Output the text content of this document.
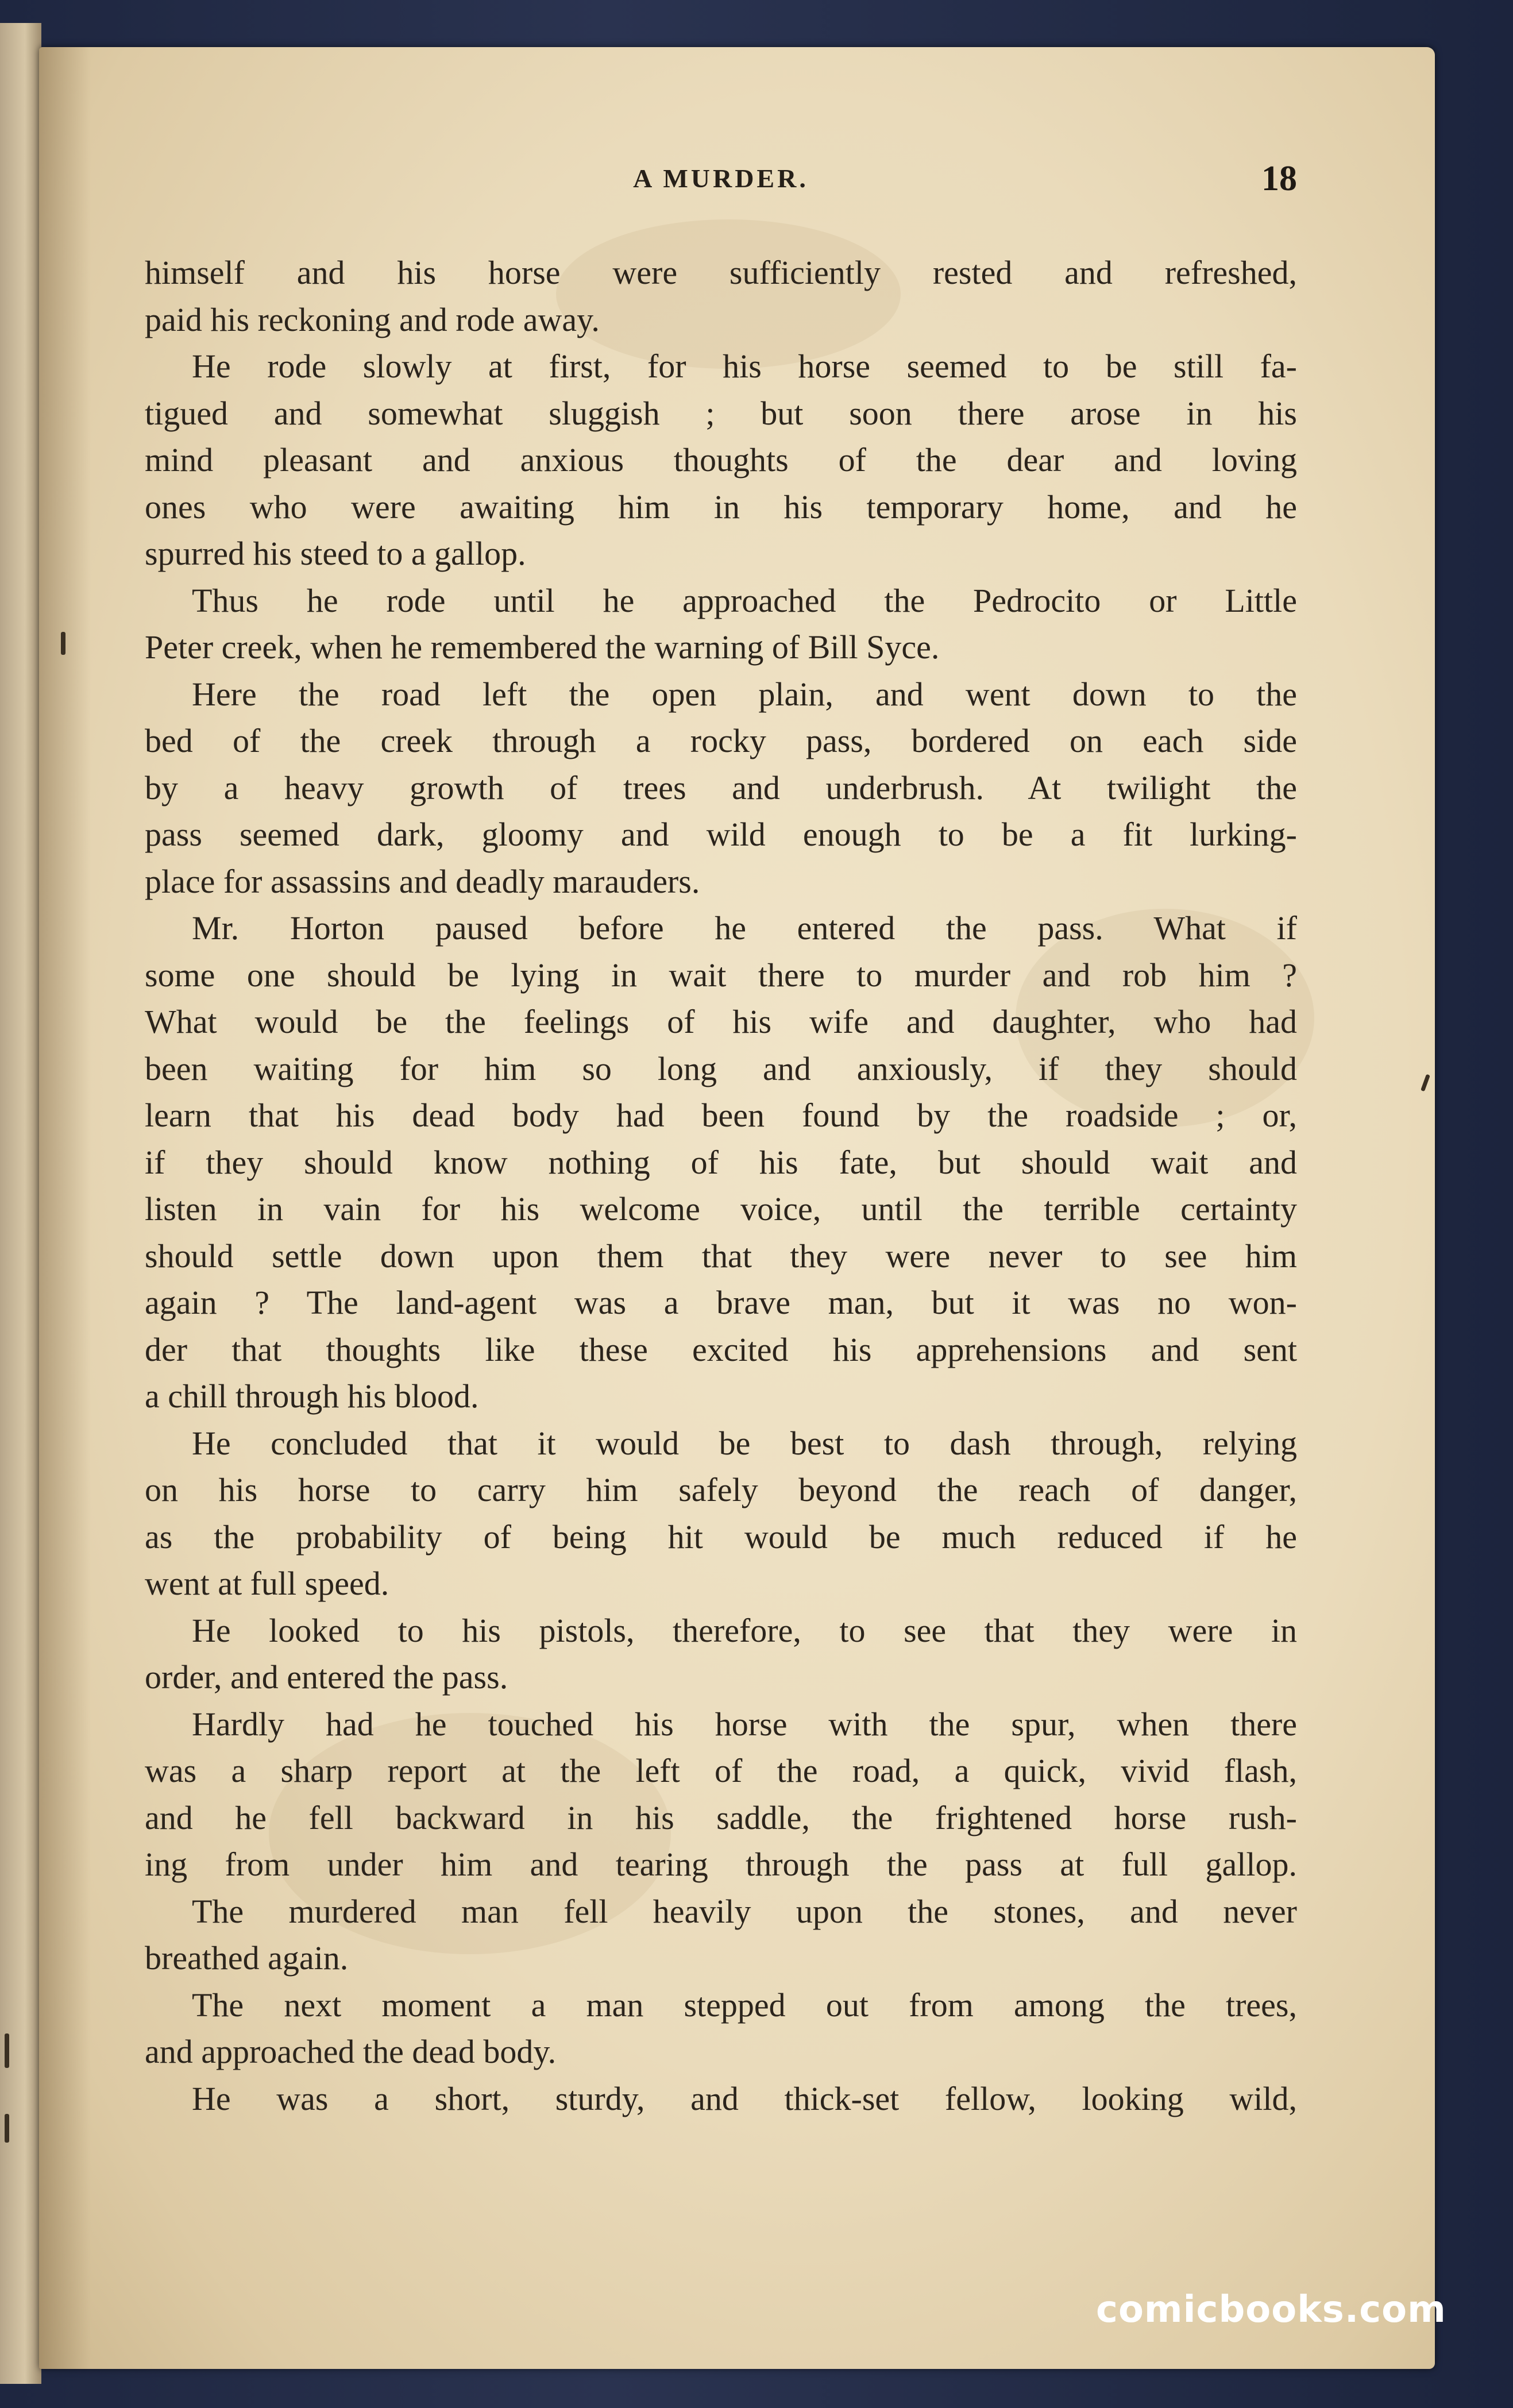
A MURDER.	18
himself and his horse were sufficiently rested and refreshed,
paid his reckoning and rode away.
He rode slowly at first, for his horse seemed to be still fa-
tigued and somewhat sluggish ; but soon there arose in his
mind pleasant and anxious thoughts of the dear and loving
ones who were awaiting him in his temporary home, and he
spurred his steed to a gallop.
Thus he rode until he approached the Pedrocito or Little
Peter creek, when he remembered the warning of Bill Syce.
Here the road left the open plain, and went down to the
bed of the creek through a rocky pass, bordered on each side
by a heavy growth of trees and underbrush. At twilight the
pass seemed dark, gloomy and wild enough to be a fit lurking-
place for assassins and deadly marauders.
Mr. Horton paused before he entered the pass. What if
some one should be lying in wait there to murder and rob him ?
What would be the feelings of his wife and daughter, who had
been waiting for him so long and anxiously, if they should
learn that his dead body had been found by the roadside ; or,
if they should know nothing of his fate, but should wait and
listen in vain for his welcome voice, until the terrible certainty
should settle down upon them that they were never to see him
again ? The land-agent was a brave man, but it was no won-
der that thoughts like these excited his apprehensions and sent
a chill through his blood.
He concluded that it would be best to dash through, relying
on his horse to carry him safely beyond the reach of danger,
as the probability of being hit would be much reduced if he
went at full speed.
He looked to his pistols, therefore, to see that they were in
order, and entered the pass.
Hardly had he touched his horse with the spur, when there
was a sharp report at the left of the road, a quick, vivid flash,
and he fell backward in his saddle, the frightened horse rush-
ing from under him and tearing through the pass at full gallop.
The murdered man fell heavily upon the stones, and never
breathed again.
The next moment a man stepped out from among the trees,
and approached the dead body.
He was a short, sturdy, and thick-set fellow, looking wild,
comicbooks.com
